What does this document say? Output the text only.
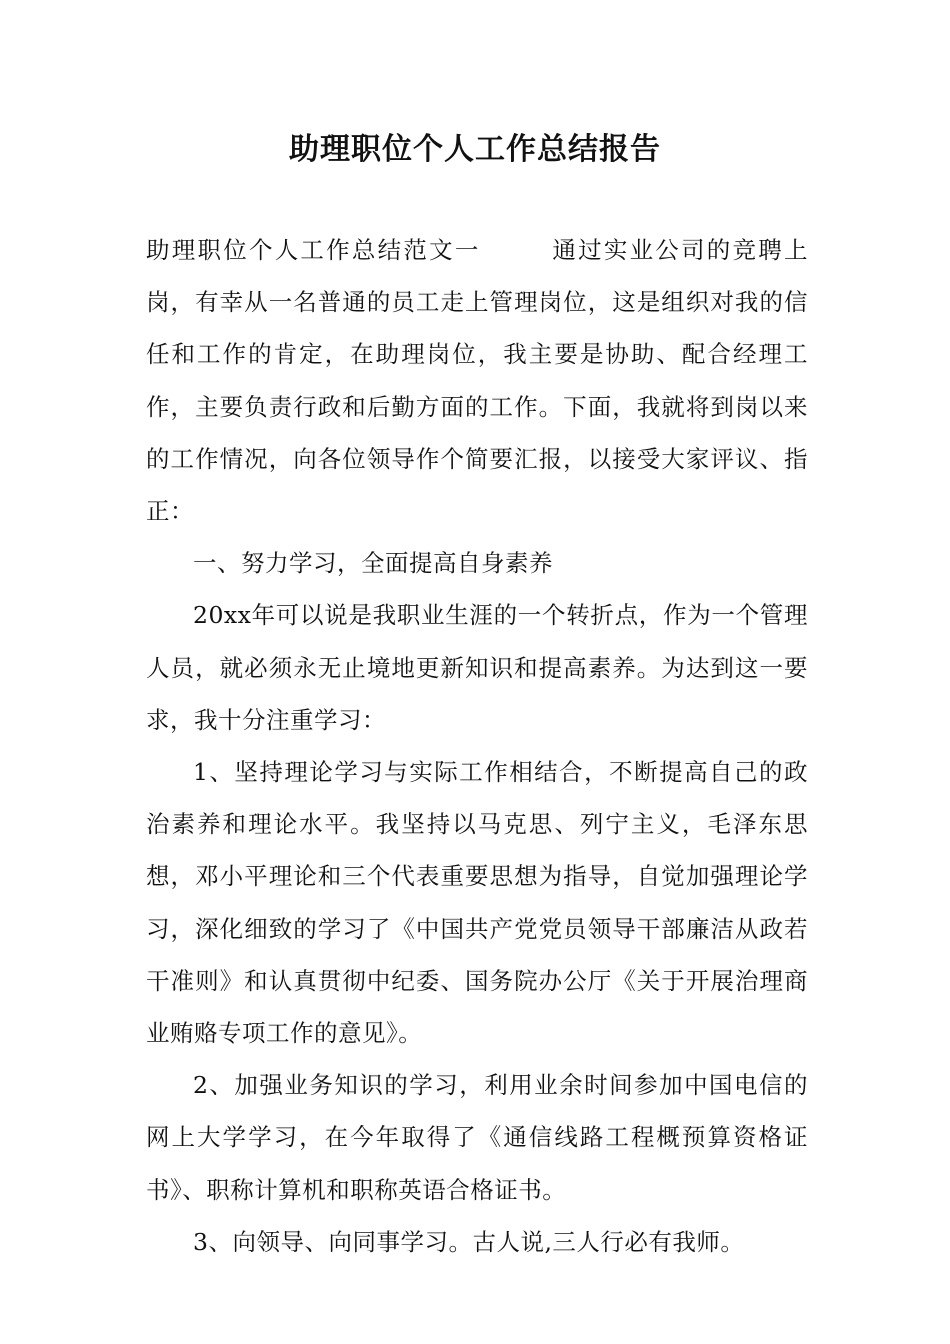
助理职位个人工作总结报告

助理职位个人工作总结范文一	通过实业公司的竞聘上岗，有幸从一名普通的员工走上管理岗位，这是组织对我的信任和工作的肯定，在助理岗位，我主要是协助、配合经理工作，主要负责行政和后勤方面的工作。下面，我就将到岗以来的工作情况，向各位领导作个简要汇报，以接受大家评议、指正：

一、努力学习，全面提高自身素养

20xx年可以说是我职业生涯的一个转折点，作为一个管理人员，就必须永无止境地更新知识和提高素养。为达到这一要求，我十分注重学习：

1、坚持理论学习与实际工作相结合，不断提高自己的政治素养和理论水平。我坚持以马克思、列宁主义，毛泽东思想，邓小平理论和三个代表重要思想为指导，自觉加强理论学习，深化细致的学习了《中国共产党党员领导干部廉洁从政若干准则》和认真贯彻中纪委、国务院办公厅《关于开展治理商业贿赂专项工作的意见》。

2、加强业务知识的学习，利用业余时间参加中国电信的网上大学学习，在今年取得了《通信线路工程概预算资格证书》、职称计算机和职称英语合格证书。

3、向领导、向同事学习。古人说,三人行必有我师。
